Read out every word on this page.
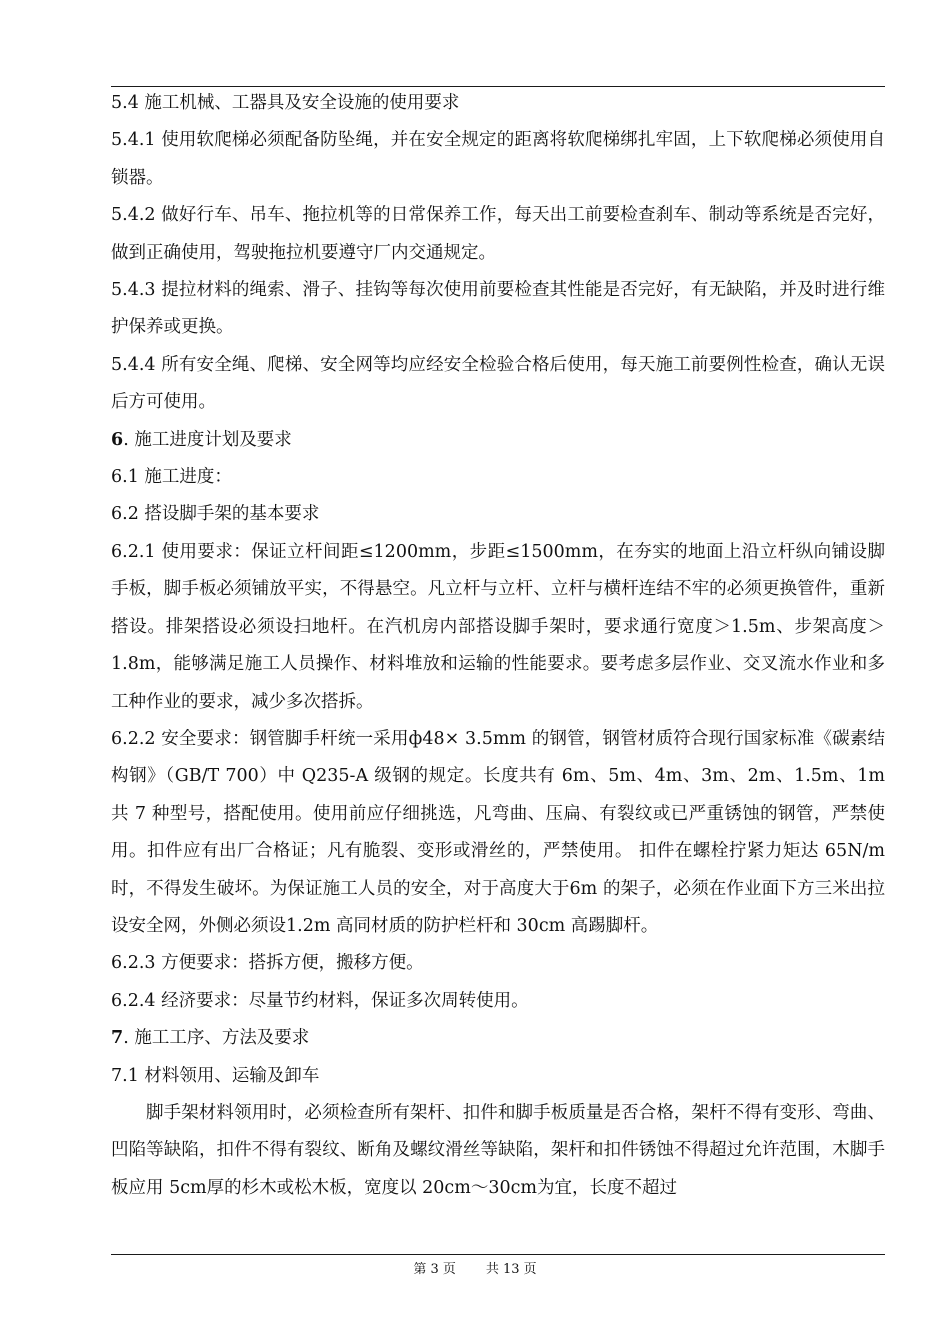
5.4 施工机械、工器具及安全设施的使用要求

5.4.1 使用软爬梯必须配备防坠绳，并在安全规定的距离将软爬梯绑扎牢固，上下软爬梯必须使用自锁器。

5.4.2 做好行车、吊车、拖拉机等的日常保养工作，每天出工前要检查刹车、制动等系统是否完好，做到正确使用，驾驶拖拉机要遵守厂内交通规定。

5.4.3 提拉材料的绳索、滑子、挂钩等每次使用前要检查其性能是否完好，有无缺陷，并及时进行维护保养或更换。

5.4.4 所有安全绳、爬梯、安全网等均应经安全检验合格后使用，每天施工前要例性检查，确认无误后方可使用。

6. 施工进度计划及要求

6.1 施工进度：

6.2 搭设脚手架的基本要求

6.2.1 使用要求：保证立杆间距≤1200mm，步距≤1500mm，在夯实的地面上沿立杆纵向铺设脚手板，脚手板必须铺放平实，不得悬空。凡立杆与立杆、立杆与横杆连结不牢的必须更换管件，重新搭设。排架搭设必须设扫地杆。在汽机房内部搭设脚手架时，要求通行宽度＞1.5m、步架高度＞1.8m，能够满足施工人员操作、材料堆放和运输的性能要求。要考虑多层作业、交叉流水作业和多工种作业的要求，减少多次搭拆。

6.2.2 安全要求：钢管脚手杆统一采用ф48× 3.5mm 的钢管，钢管材质符合现行国家标准《碳素结构钢》（GB/T 700）中 Q235-A 级钢的规定。长度共有 6m、5m、4m、3m、2m、1.5m、1m 共 7 种型号，搭配使用。使用前应仔细挑选，凡弯曲、压扁、有裂纹或已严重锈蚀的钢管，严禁使用。扣件应有出厂合格证；凡有脆裂、变形或滑丝的，严禁使用。 扣件在螺栓拧紧力矩达 65N/m 时，不得发生破坏。为保证施工人员的安全，对于高度大于6m 的架子，必须在作业面下方三米出拉设安全网，外侧必须设1.2m 高同材质的防护栏杆和 30cm 高踢脚杆。

6.2.3 方便要求：搭拆方便，搬移方便。

6.2.4 经济要求：尽量节约材料，保证多次周转使用。

7. 施工工序、方法及要求

7.1 材料领用、运输及卸车

脚手架材料领用时，必须检查所有架杆、扣件和脚手板质量是否合格，架杆不得有变形、弯曲、凹陷等缺陷，扣件不得有裂纹、断角及螺纹滑丝等缺陷，架杆和扣件锈蚀不得超过允许范围，木脚手板应用 5cm厚的杉木或松木板，宽度以 20cm～30cm为宜，长度不超过

第 3 页 共 13 页
